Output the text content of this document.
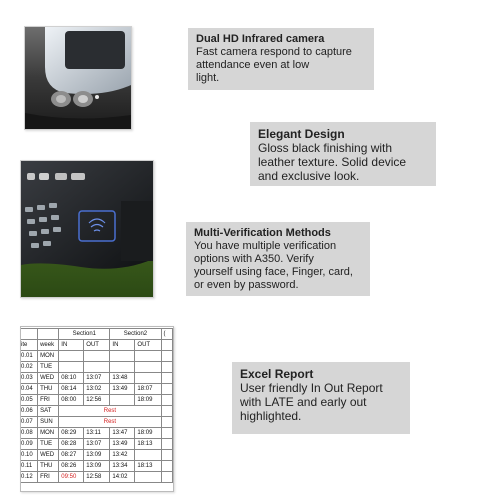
Dual HD Infrared camera
Fast camera respond to capture
attendance even at low
light.
Elegant Design
Gloss black finishing with
leather texture. Solid device
and exclusive look.
Multi-Verification Methods
You have multiple verification
options with A350. Verify
yourself using face, Finger, card,
or even by password.
		Section1		Section2		(
ite	week	IN	OUT	IN	OUT	
0.01	MON					
0.02	TUE					
0.03	WED	08:10	13:07	13:48		
0.04	THU	08:14	13:02	13:49	18:07	
0.05	FRI	08:00	12:56		18:09	
0.06	SAT	Rest				
0.07	SUN	Rest				
0.08	MON	08:29	13:11	13:47	18:09	
0.09	TUE	08:28	13:07	13:49	18:13	
0.10	WED	08:27	13:09	13:42		
0.11	THU	08:26	13:09	13:34	18:13	
0.12	FRI	09:50	12:58	14:02		
Excel Report
User friendly In Out Report
with LATE and early out
highlighted.
